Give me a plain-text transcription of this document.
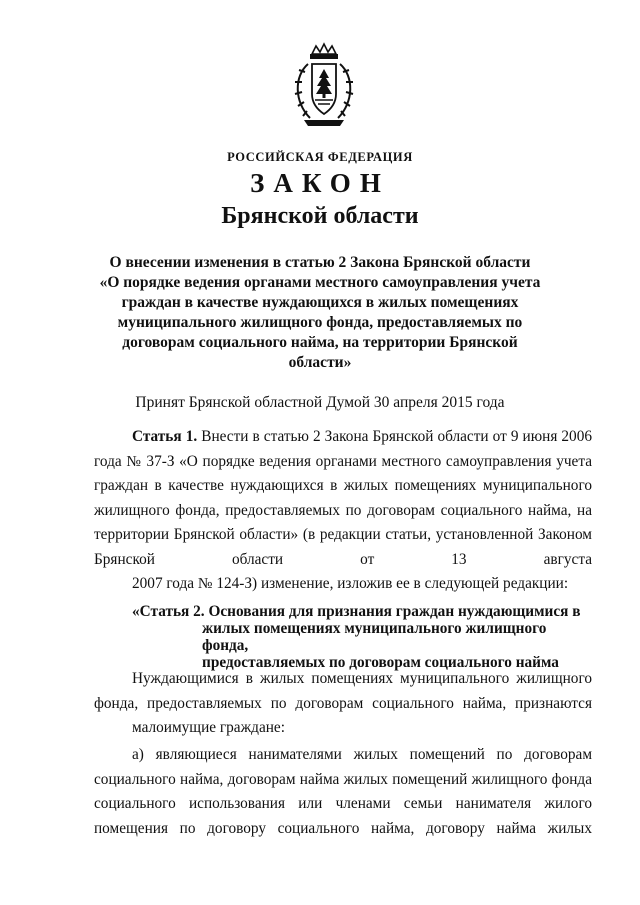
РОССИЙСКАЯ ФЕДЕРАЦИЯ
ЗАКОН
Брянской области
О внесении изменения в статью 2 Закона Брянской области
«О порядке ведения органами местного самоуправления учета
граждан в качестве нуждающихся в жилых помещениях
муниципального жилищного фонда, предоставляемых по
договорам социального найма, на территории Брянской
области»
Принят Брянской областной Думой 30 апреля 2015 года
Статья 1. Внести в статью 2 Закона Брянской области от 9 июня 2006 года № 37-З «О порядке ведения органами местного самоуправления учета граждан в качестве нуждающихся в жилых помещениях муниципального жилищного фонда, предоставляемых по договорам социального найма, на территории Брянской области» (в редакции статьи, установленной Законом Брянской области от 13 августа
2007 года № 124-З) изменение, изложив ее в следующей редакции:
«Статья 2. Основания для признания граждан нуждающимися в
жилых помещениях муниципального жилищного фонда,
предоставляемых по договорам социального найма
Нуждающимися в жилых помещениях муниципального жилищного фонда, предоставляемых по договорам социального найма, признаются
малоимущие граждане:
а) являющиеся нанимателями жилых помещений по договорам социального найма, договорам найма жилых помещений жилищного фонда социального использования или членами семьи нанимателя жилого помещения по договору социального найма, договору найма жилых
